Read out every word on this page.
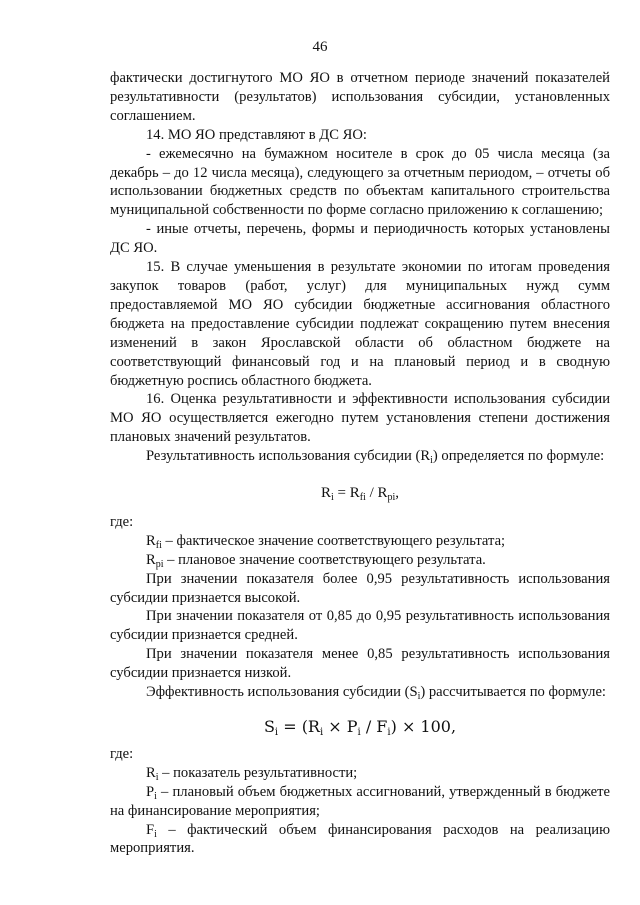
46

фактически достигнутого МО ЯО в отчетном периоде значений показателей результативности (результатов) использования субсидии, установленных соглашением.

14. МО ЯО представляют в ДС ЯО:

- ежемесячно на бумажном носителе в срок до 05 числа месяца (за декабрь – до 12 числа месяца), следующего за отчетным периодом, – отчеты об использовании бюджетных средств по объектам капитального строительства муниципальной собственности по форме согласно приложению к соглашению;

- иные отчеты, перечень, формы и периодичность которых установлены ДС ЯО.

15. В случае уменьшения в результате экономии по итогам проведения закупок товаров (работ, услуг) для муниципальных нужд сумм предоставляемой МО ЯО субсидии бюджетные ассигнования областного бюджета на предоставление субсидии подлежат сокращению путем внесения изменений в закон Ярославской области об областном бюджете на соответствующий финансовый год и на плановый период и в сводную бюджетную роспись областного бюджета.

16. Оценка результативности и эффективности использования субсидии МО ЯО осуществляется ежегодно путем установления степени достижения плановых значений результатов.

Результативность использования субсидии $(R_i)$ определяется по формуле:

$R_i = R_{fi} / R_{pi}$,

где:

$R_{fi}$ – фактическое значение соответствующего результата;

$R_{pi}$ – плановое значение соответствующего результата.

При значении показателя более 0,95 результативность использования субсидии признается высокой.

При значении показателя от 0,85 до 0,95 результативность использования субсидии признается средней.

При значении показателя менее 0,85 результативность использования субсидии признается низкой.

Эффективность использования субсидии $(S_i)$ рассчитывается по формуле:

$S_i = (R_i \times P_i / F_i) \times 100$,

где:

$R_i$ – показатель результативности;

$P_i$ – плановый объем бюджетных ассигнований, утвержденный в бюджете на финансирование мероприятия;

$F_i$ – фактический объем финансирования расходов на реализацию мероприятия.
